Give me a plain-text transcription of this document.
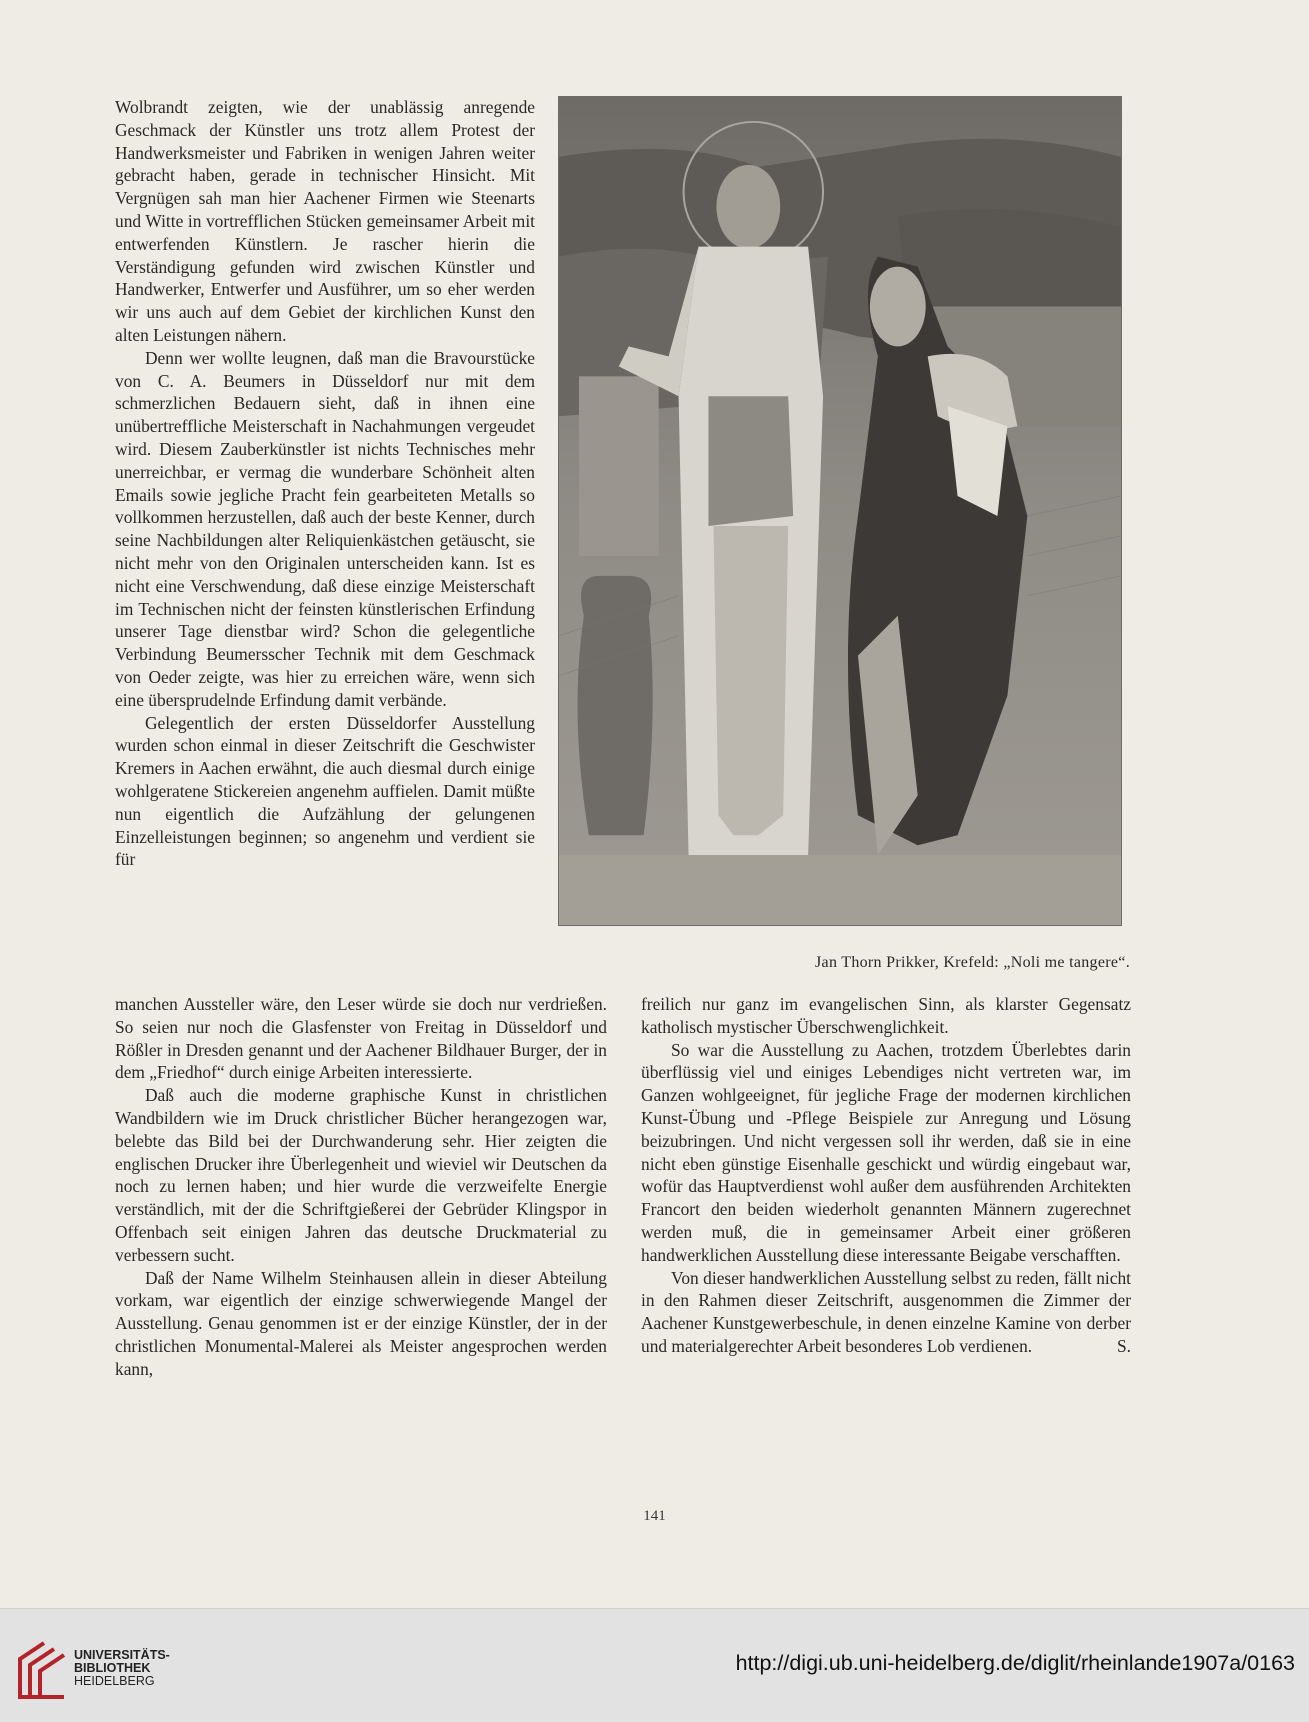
Wolbrandt zeigten, wie der unablässig anregende Geschmack der Künstler uns trotz allem Protest der Handwerksmeister und Fabriken in wenigen Jahren weiter gebracht haben, gerade in technischer Hinsicht. Mit Vergnügen sah man hier Aachener Firmen wie Steenarts und Witte in vortrefflichen Stücken gemeinsamer Arbeit mit entwerfenden Künstlern. Je rascher hierin die Verständigung gefunden wird zwischen Künstler und Handwerker, Entwerfer und Ausführer, um so eher werden wir uns auch auf dem Gebiet der kirchlichen Kunst den alten Leistungen nähern.

Denn wer wollte leugnen, daß man die Bravourstücke von C. A. Beumers in Düsseldorf nur mit dem schmerzlichen Bedauern sieht, daß in ihnen eine unübertreffliche Meisterschaft in Nachahmungen vergeudet wird. Diesem Zauberkünstler ist nichts Technisches mehr unerreichbar, er vermag die wunderbare Schönheit alten Emails sowie jegliche Pracht fein gearbeiteten Metalls so vollkommen herzustellen, daß auch der beste Kenner, durch seine Nachbildungen alter Reliquienkästchen getäuscht, sie nicht mehr von den Originalen unterscheiden kann. Ist es nicht eine Verschwendung, daß diese einzige Meisterschaft im Technischen nicht der feinsten künstlerischen Erfindung unserer Tage dienstbar wird? Schon die gelegentliche Verbindung Beumersscher Technik mit dem Geschmack von Oeder zeigte, was hier zu erreichen wäre, wenn sich eine übersprudelnde Erfindung damit verbände.

Gelegentlich der ersten Düsseldorfer Ausstellung wurden schon einmal in dieser Zeitschrift die Geschwister Kremers in Aachen erwähnt, die auch diesmal durch einige wohlgeratene Stickereien angenehm auffielen. Damit müßte nun eigentlich die Aufzählung der gelungenen Einzelleistungen beginnen; so angenehm und verdient sie für

Jan Thorn Prikker, Krefeld: „Noli me tangere“.

manchen Aussteller wäre, den Leser würde sie doch nur verdrießen. So seien nur noch die Glasfenster von Freitag in Düsseldorf und Rößler in Dresden genannt und der Aachener Bildhauer Burger, der in dem „Friedhof“ durch einige Arbeiten interessierte.

Daß auch die moderne graphische Kunst in christlichen Wandbildern wie im Druck christlicher Bücher herangezogen war, belebte das Bild bei der Durchwanderung sehr. Hier zeigten die englischen Drucker ihre Überlegenheit und wieviel wir Deutschen da noch zu lernen haben; und hier wurde die verzweifelte Energie verständlich, mit der die Schriftgießerei der Gebrüder Klingspor in Offenbach seit einigen Jahren das deutsche Druckmaterial zu verbessern sucht.

Daß der Name Wilhelm Steinhausen allein in dieser Abteilung vorkam, war eigentlich der einzige schwerwiegende Mangel der Ausstellung. Genau genommen ist er der einzige Künstler, der in der christlichen Monumental-Malerei als Meister angesprochen werden kann,

freilich nur ganz im evangelischen Sinn, als klarster Gegensatz katholisch mystischer Überschwenglichkeit.

So war die Ausstellung zu Aachen, trotzdem Überlebtes darin überflüssig viel und einiges Lebendiges nicht vertreten war, im Ganzen wohlgeeignet, für jegliche Frage der modernen kirchlichen Kunst-Übung und -Pflege Beispiele zur Anregung und Lösung beizubringen. Und nicht vergessen soll ihr werden, daß sie in eine nicht eben günstige Eisenhalle geschickt und würdig eingebaut war, wofür das Hauptverdienst wohl außer dem ausführenden Architekten Francort den beiden wiederholt genannten Männern zugerechnet werden muß, die in gemeinsamer Arbeit einer größeren handwerklichen Ausstellung diese interessante Beigabe verschafften.

Von dieser handwerklichen Ausstellung selbst zu reden, fällt nicht in den Rahmen dieser Zeitschrift, ausgenommen die Zimmer der Aachener Kunstgewerbeschule, in denen einzelne Kamine von derber und materialgerechter Arbeit besonderes Lob verdienen.	S.

141
UNIVERSITÄTS-
BIBLIOTHEK
HEIDELBERG
http://digi.ub.uni-heidelberg.de/diglit/rheinlande1907a/0163
